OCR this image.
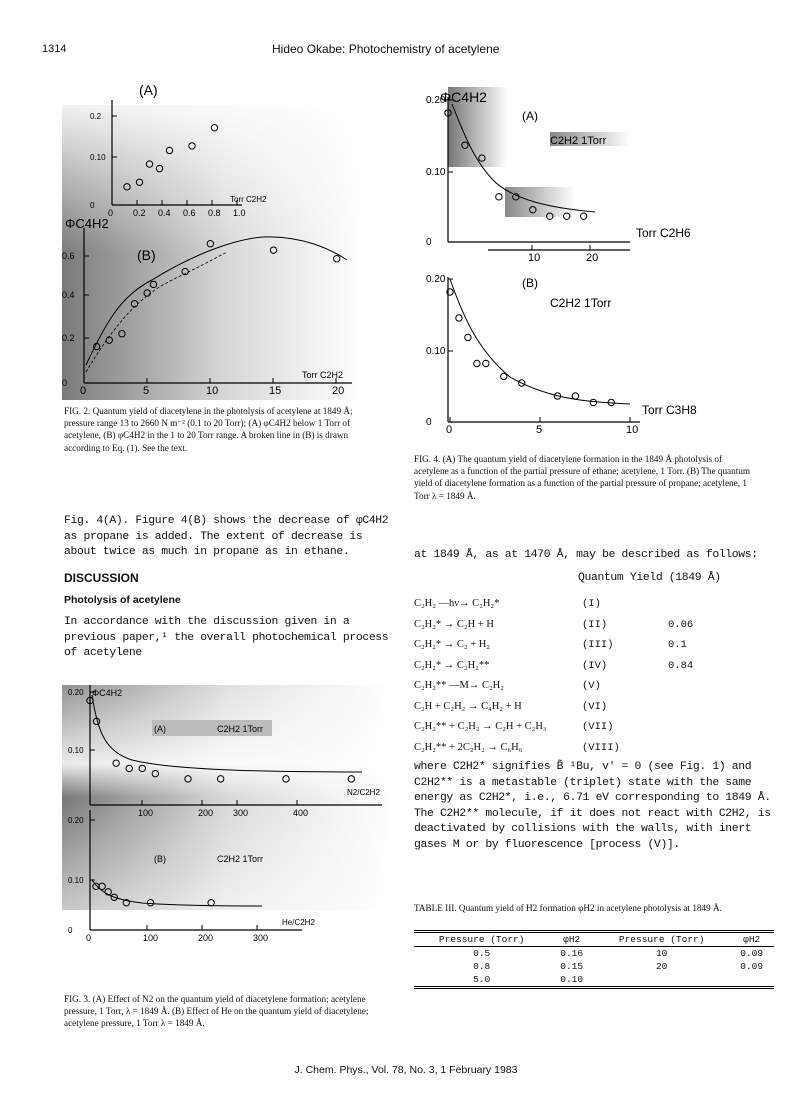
1314	Hideo Okabe: Photochemistry of acetylene
0.2
0.10
0
0 0.2 0.4 0.6 0.8 1.0
0.6
0.4
0.2
0
0	5	10	15	20
(A)
(B)
ΦC4H2
Torr C2H2
Torr C2H2
FIG. 2. Quantum yield of diacetylene in the photolysis of acetylene at 1849 Å; pressure range 13 to 2660 N m⁻² (0.1 to 20 Torr); (A) φC4H2 below 1 Torr of acetylene, (B) φC4H2 in the 1 to 20 Torr range. A broken line in (B) is drawn according to Eq. (1). See the text.
Fig. 4(A). Figure 4(B) shows the decrease of φC4H2 as propane is added. The extent of decrease is about twice as much in propane as in ethane.
DISCUSSION
Photolysis of acetylene
In accordance with the discussion given in a previous paper,¹ the overall photochemical process of acetylene
0.20
0.10
100	200 300	400
0.20
0.10
0
0	100	200	300
ΦC4H2
(A)	C2H2 1Torr
N2/C2H2
(B)	C2H2 1Torr
He/C2H2
FIG. 3. (A) Effect of N2 on the quantum yield of diacetylene formation; acetylene pressure, 1 Torr, λ = 1849 Å. (B) Effect of He on the quantum yield of diacetylene; acetylene pressure, 1 Torr λ = 1849 Å.
0.20
0.10
0
10	20
0.20
0.10
0
0	5	10
ΦC4H2
(A)
C2H2 1Torr
Torr C2H6
(B)
C2H2 1Torr
Torr C3H8
FIG. 4. (A) The quantum yield of diacetylene formation in the 1849 Å photolysis of acetylene as a function of the partial pressure of ethane; acetylene, 1 Torr. (B) The quantum yield of diacetylene formation as a function of the partial pressure of propane; acetylene, 1 Torr λ = 1849 Å.
at 1849 Å, as at 1470 Å, may be described as follows:
Quantum Yield (1849 Å)
C₂H₂ —hν→ C₂H₂*	(I)
C₂H₂* → C₂H + H	(II)	0.06
C₂H₂* → C₂ + H₂	(III)	0.1
C₂H₂* → C₂H₂**	(IV)	0.84
C₂H₂** —M→ C₂H₂	(V)
C₂H + C₂H₂ → C₄H₂ + H	(VI)
C₂H₂** + C₂H₂ → C₂H + C₂H₃	(VII)
C₂H₂** + 2C₂H₂ → C₆H₆	(VIII)
where C2H2* signifies B̃ ¹Bu, v′ = 0 (see Fig. 1) and C2H2** is a metastable (triplet) state with the same energy as C2H2*, i.e., 6.71 eV corresponding to 1849 Å. The C2H2** molecule, if it does not react with C2H2, is deactivated by collisions with the walls, with inert gases M or by fluorescence [process (V)].
TABLE III. Quantum yield of H2 formation φH2 in acetylene photolysis at 1849 Å.
Pressure (Torr)	φH2	Pressure (Torr)	φH2
0.5	0.16	10	0.09
0.8	0.15	20	0.09
5.0	0.10		
J. Chem. Phys., Vol. 78, No. 3, 1 February 1983
